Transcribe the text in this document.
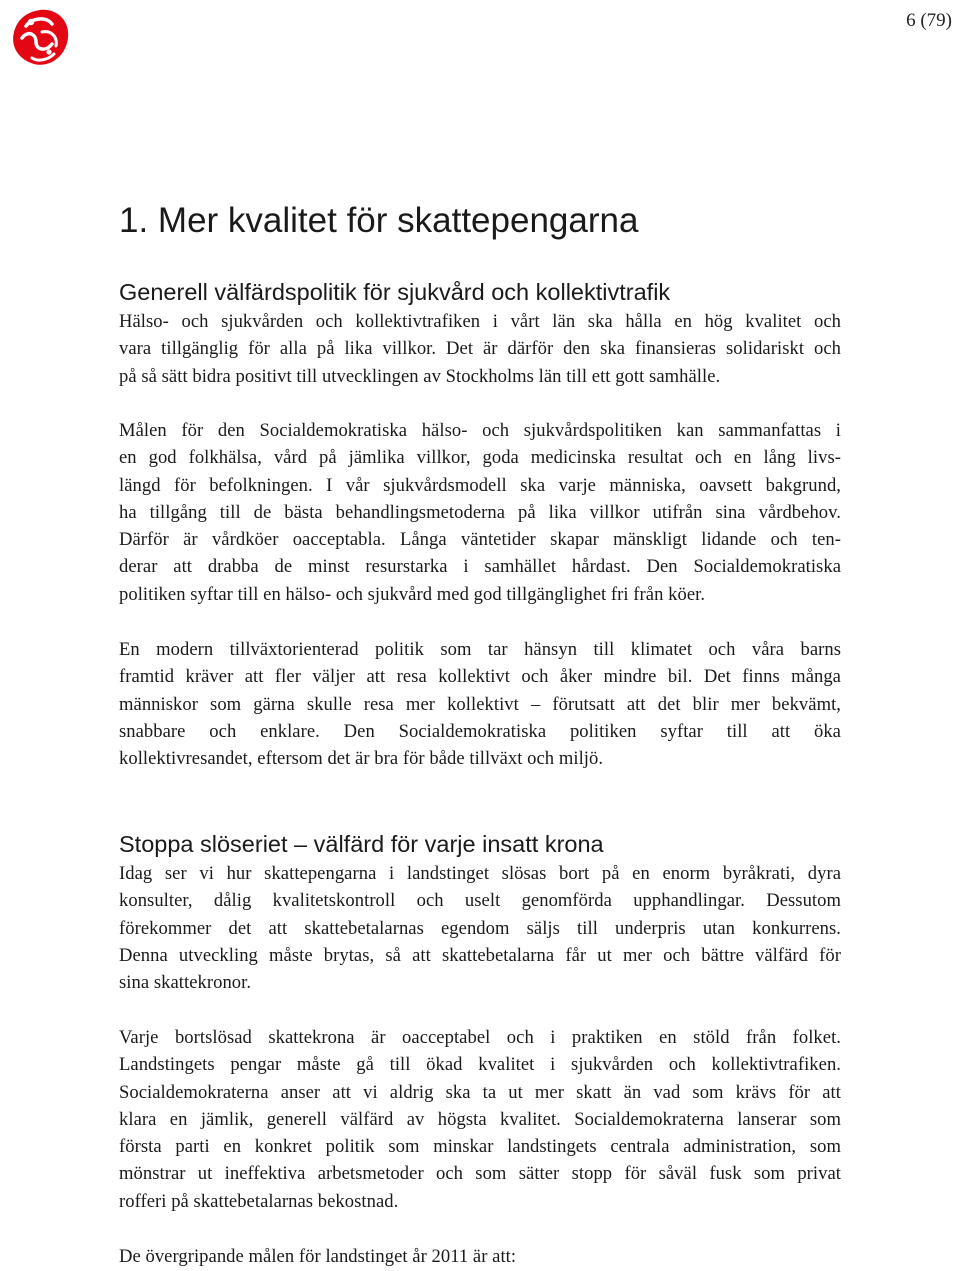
6 (79)
1. Mer kvalitet för skattepengarna
Generell välfärdspolitik för sjukvård och kollektivtrafik

Hälso- och sjukvården och kollektivtrafiken i vårt län ska hålla en hög kvalitet och
vara tillgänglig för alla på lika villkor. Det är därför den ska finansieras solidariskt och
på så sätt bidra positivt till utvecklingen av Stockholms län till ett gott samhälle.

Målen för den Socialdemokratiska hälso- och sjukvårdspolitiken kan sammanfattas i
en god folkhälsa, vård på jämlika villkor, goda medicinska resultat och en lång livs-
längd för befolkningen. I vår sjukvårdsmodell ska varje människa, oavsett bakgrund,
ha tillgång till de bästa behandlingsmetoderna på lika villkor utifrån sina vårdbehov.
Därför är vårdköer oacceptabla. Långa väntetider skapar mänskligt lidande och ten-
derar att drabba de minst resurstarka i samhället hårdast. Den Socialdemokratiska
politiken syftar till en hälso- och sjukvård med god tillgänglighet fri från köer.

En modern tillväxtorienterad politik som tar hänsyn till klimatet och våra barns
framtid kräver att fler väljer att resa kollektivt och åker mindre bil. Det finns många
människor som gärna skulle resa mer kollektivt – förutsatt att det blir mer bekvämt,
snabbare och enklare. Den Socialdemokratiska politiken syftar till att öka
kollektivresandet, eftersom det är bra för både tillväxt och miljö.

Stoppa slöseriet – välfärd för varje insatt krona

Idag ser vi hur skattepengarna i landstinget slösas bort på en enorm byråkrati, dyra
konsulter, dålig kvalitetskontroll och uselt genomförda upphandlingar. Dessutom
förekommer det att skattebetalarnas egendom säljs till underpris utan konkurrens.
Denna utveckling måste brytas, så att skattebetalarna får ut mer och bättre välfärd för
sina skattekronor.

Varje bortslösad skattekrona är oacceptabel och i praktiken en stöld från folket.
Landstingets pengar måste gå till ökad kvalitet i sjukvården och kollektivtrafiken.
Socialdemokraterna anser att vi aldrig ska ta ut mer skatt än vad som krävs för att
klara en jämlik, generell välfärd av högsta kvalitet. Socialdemokraterna lanserar som
första parti en konkret politik som minskar landstingets centrala administration, som
mönstrar ut ineffektiva arbetsmetoder och som sätter stopp för såväl fusk som privat
rofferi på skattebetalarnas bekostnad.

De övergripande målen för landstinget år 2011 är att:
